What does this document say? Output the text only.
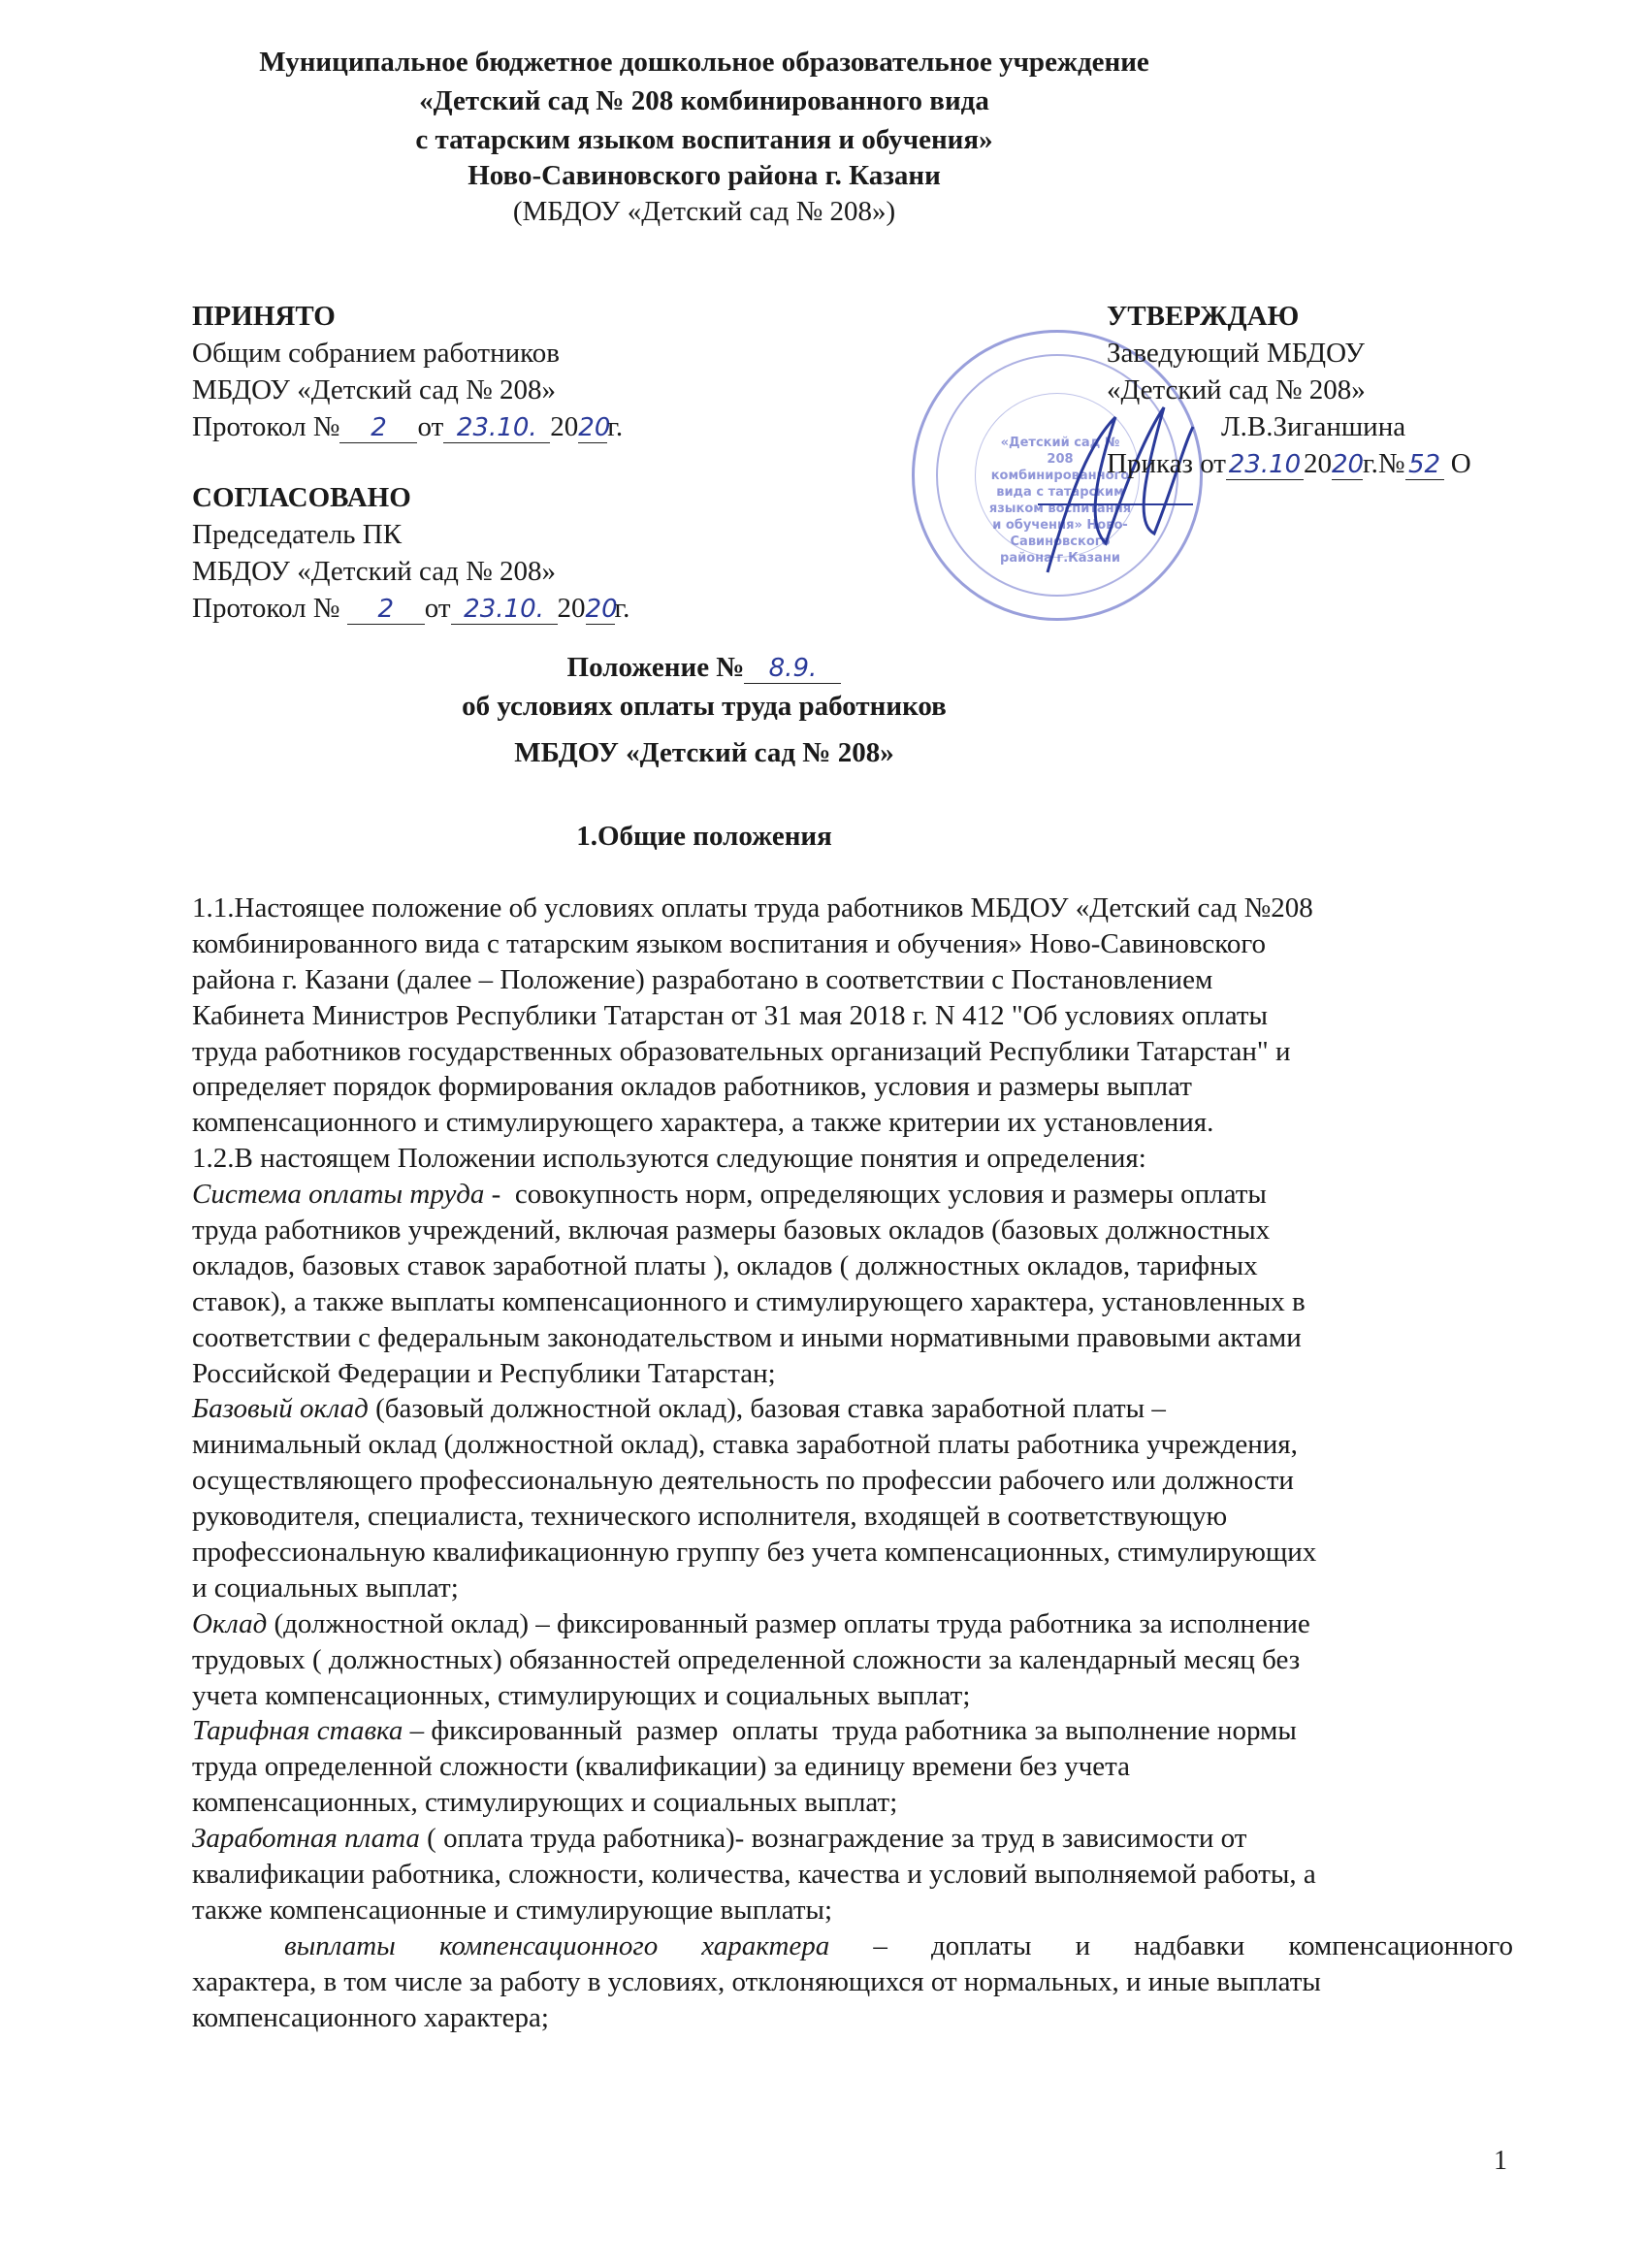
Муниципальное бюджетное дошкольное образовательное учреждение
«Детский сад № 208 комбинированного вида
с татарским языком воспитания и обучения»
Ново-Савиновского района г. Казани
(МБДОУ «Детский сад № 208»)
«Детский сад № 208 комбинированного вида с татарским языком воспитания и обучения» Ново-Савиновского района г.Казани
ПРИНЯТО
Общим собранием работников
МБДОУ «Детский сад № 208»
Протокол № 2 от 23.10. 2020г.
СОГЛАСОВАНО
Председатель ПК
МБДОУ «Детский сад № 208»
Протокол № 2 от 23.10. 2020г.
УТВЕРЖДАЮ
Заведующий МБДОУ
«Детский сад № 208»
Л.В.Зиганшина
Приказ от 23.102020г.№ 52 О
Положение № 8.9.
об условиях оплаты труда работников
МБДОУ «Детский сад № 208»
1.Общие положения
1.1.Настоящее положение об условиях оплаты труда работников МБДОУ «Детский сад №208
комбинированного вида с татарским языком воспитания и обучения» Ново-Савиновского
района г. Казани (далее – Положение) разработано в соответствии с Постановлением
Кабинета Министров Республики Татарстан от 31 мая 2018 г. N 412 "Об условиях оплаты
труда работников государственных образовательных организаций Республики Татарстан" и
определяет порядок формирования окладов работников, условия и размеры выплат
компенсационного и стимулирующего характера, а также критерии их установления.
1.2.В настоящем Положении используются следующие понятия и определения:
Система оплаты труда -  совокупность норм, определяющих условия и размеры оплаты
труда работников учреждений, включая размеры базовых окладов (базовых должностных
окладов, базовых ставок заработной платы ), окладов ( должностных окладов, тарифных
ставок), а также выплаты компенсационного и стимулирующего характера, установленных в
соответствии с федеральным законодательством и иными нормативными правовыми актами
Российской Федерации и Республики Татарстан;
Базовый оклад (базовый должностной оклад), базовая ставка заработной платы –
минимальный оклад (должностной оклад), ставка заработной платы работника учреждения,
осуществляющего профессиональную деятельность по профессии рабочего или должности
руководителя, специалиста, технического исполнителя, входящей в соответствующую
профессиональную квалификационную группу без учета компенсационных, стимулирующих
и социальных выплат;
Оклад (должностной оклад) – фиксированный размер оплаты труда работника за исполнение
трудовых ( должностных) обязанностей определенной сложности за календарный месяц без
учета компенсационных, стимулирующих и социальных выплат;
Тарифная ставка – фиксированный  размер  оплаты  труда работника за выполнение нормы
труда определенной сложности (квалификации) за единицу времени без учета
компенсационных, стимулирующих и социальных выплат;
Заработная плата ( оплата труда работника)- вознаграждение за труд в зависимости от
квалификации работника, сложности, количества, качества и условий выполняемой работы, а
также компенсационные и стимулирующие выплаты;
выплаты компенсационного характера – доплаты и надбавки компенсационного
характера, в том числе за работу в условиях, отклоняющихся от нормальных, и иные выплаты
компенсационного характера;
1
